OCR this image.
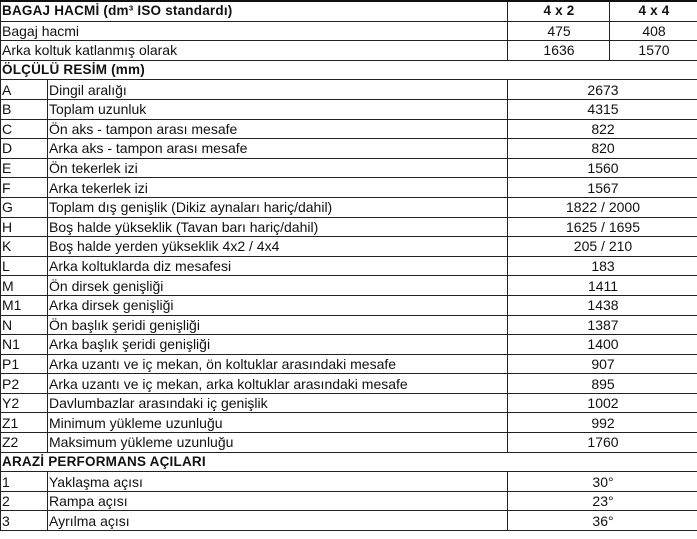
BAGAJ HACMİ (dm³ ISO standardı)		4 x 2	4 x 4
Bagaj hacmi		475	408
Arka koltuk katlanmış olarak		1636	1570
ÖLÇÜLÜ RESİM (mm)			
A	Dingil aralığı	2673	
B	Toplam uzunluk	4315	
C	Ön aks - tampon arası mesafe	822	
D	Arka aks - tampon arası mesafe	820	
E	Ön tekerlek izi	1560	
F	Arka tekerlek izi	1567	
G	Toplam dış genişlik (Dikiz aynaları hariç/dahil)	1822 / 2000	
H	Boş halde yükseklik (Tavan barı hariç/dahil)	1625 / 1695	
K	Boş halde yerden yükseklik 4x2 / 4x4	205 / 210	
L	Arka koltuklarda diz mesafesi	183	
M	Ön dirsek genişliği	1411	
M1	Arka dirsek genişliği	1438	
N	Ön başlık şeridi genişliği	1387	
N1	Arka başlık şeridi genişliği	1400	
P1	Arka uzantı ve iç mekan, ön koltuklar arasındaki mesafe	907	
P2	Arka uzantı ve iç mekan, arka koltuklar arasındaki mesafe	895	
Y2	Davlumbazlar arasındaki iç genişlik	1002	
Z1	Minimum yükleme uzunluğu	992	
Z2	Maksimum yükleme uzunluğu	1760	
ARAZİ PERFORMANS AÇILARI			
1	Yaklaşma açısı	30°	
2	Rampa açısı	23°	
3	Ayrılma açısı	36°	
